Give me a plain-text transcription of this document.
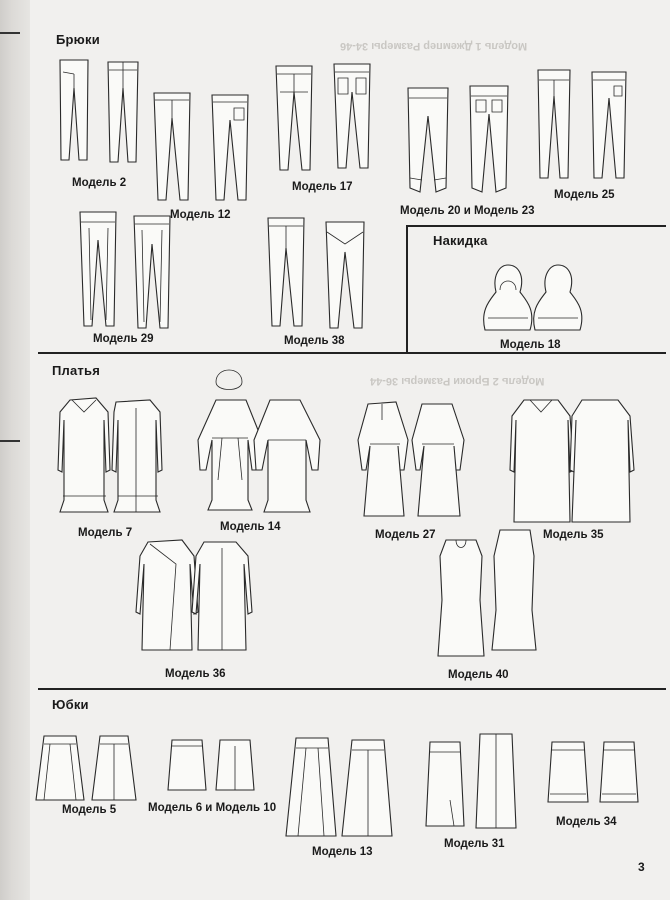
Модель 1 Джемпер Размеры 34-46
Модель 2 Брюки Размеры 36-44
Брюки
Накидка
Платья
Юбки
Модель 2
Модель 12
Модель 17
Модель 20 и Модель 23
Модель 25
Модель 29	Модель 38	Модель 18
Модель 7	Модель 14
Модель 27	Модель 35
Модель 36	Модель 40
Модель 5	Модель 6 и Модель 10
Модель 13
Модель 31
Модель 34
3
